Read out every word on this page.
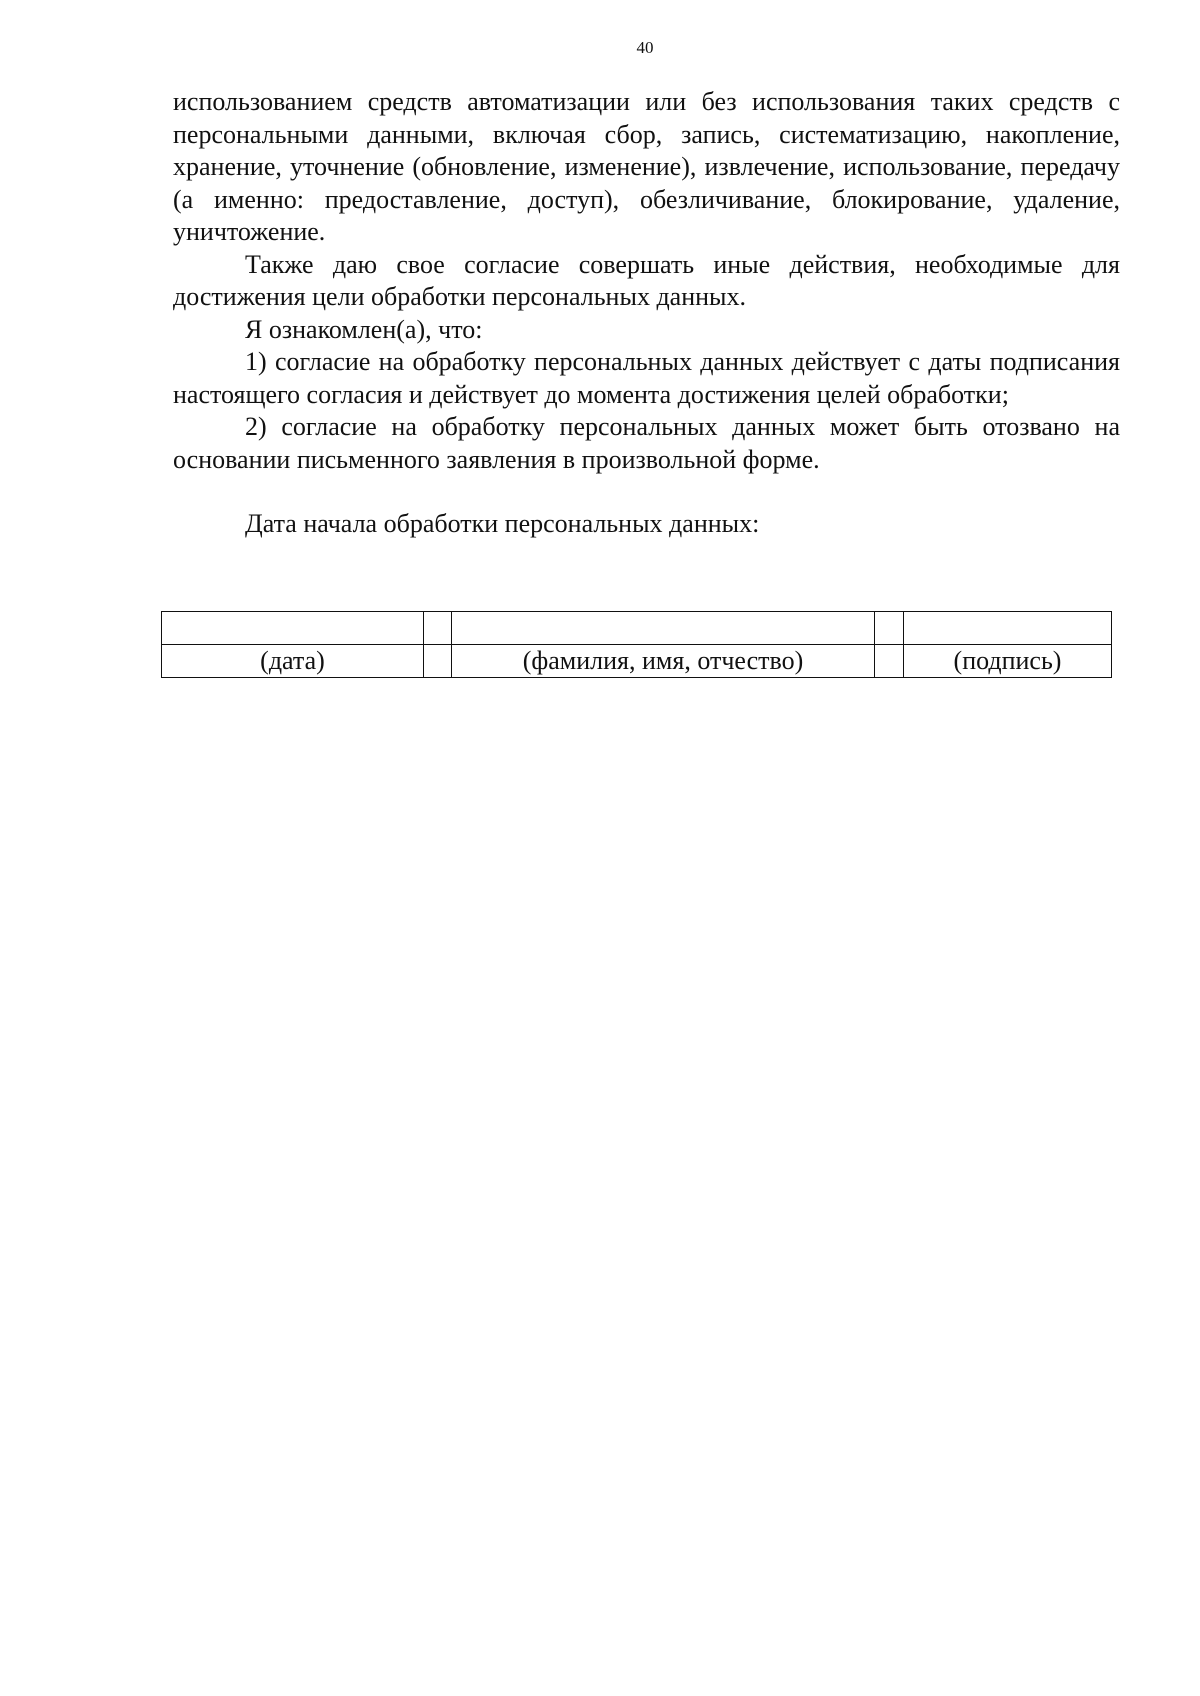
40

использованием средств автоматизации или без использования таких средств с персональными данными, включая сбор, запись, систематизацию, накопление, хранение, уточнение (обновление, изменение), извлечение, использование, передачу (а именно: предоставление, доступ), обезличивание, блокирование, удаление, уничтожение.

Также даю свое согласие совершать иные действия, необходимые для достижения цели обработки персональных данных.

Я ознакомлен(а), что:

1) согласие на обработку персональных данных действует с даты подписания настоящего согласия и действует до момента достижения целей обработки;

2) согласие на обработку персональных данных может быть отозвано на основании письменного заявления в произвольной форме.

Дата начала обработки персональных данных:

(дата)		(фамилия, имя, отчество)		(подпись)
